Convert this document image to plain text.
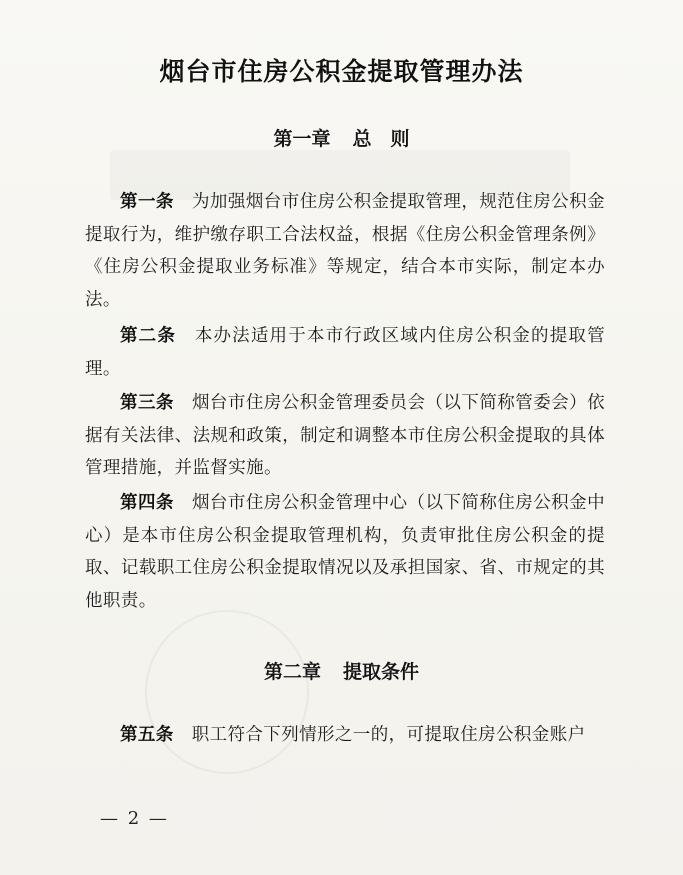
烟台市住房公积金提取管理办法
第一章 总　则
第一条 为加强烟台市住房公积金提取管理，规范住房公积金提取行为，维护缴存职工合法权益，根据《住房公积金管理条例》《住房公积金提取业务标准》等规定，结合本市实际，制定本办法。
第二条 本办法适用于本市行政区域内住房公积金的提取管理。
第三条 烟台市住房公积金管理委员会（以下简称管委会）依据有关法律、法规和政策，制定和调整本市住房公积金提取的具体管理措施，并监督实施。
第四条 烟台市住房公积金管理中心（以下简称住房公积金中心）是本市住房公积金提取管理机构，负责审批住房公积金的提取、记载职工住房公积金提取情况以及承担国家、省、市规定的其他职责。
第二章 提取条件
第五条 职工符合下列情形之一的，可提取住房公积金账户
— 2 —
